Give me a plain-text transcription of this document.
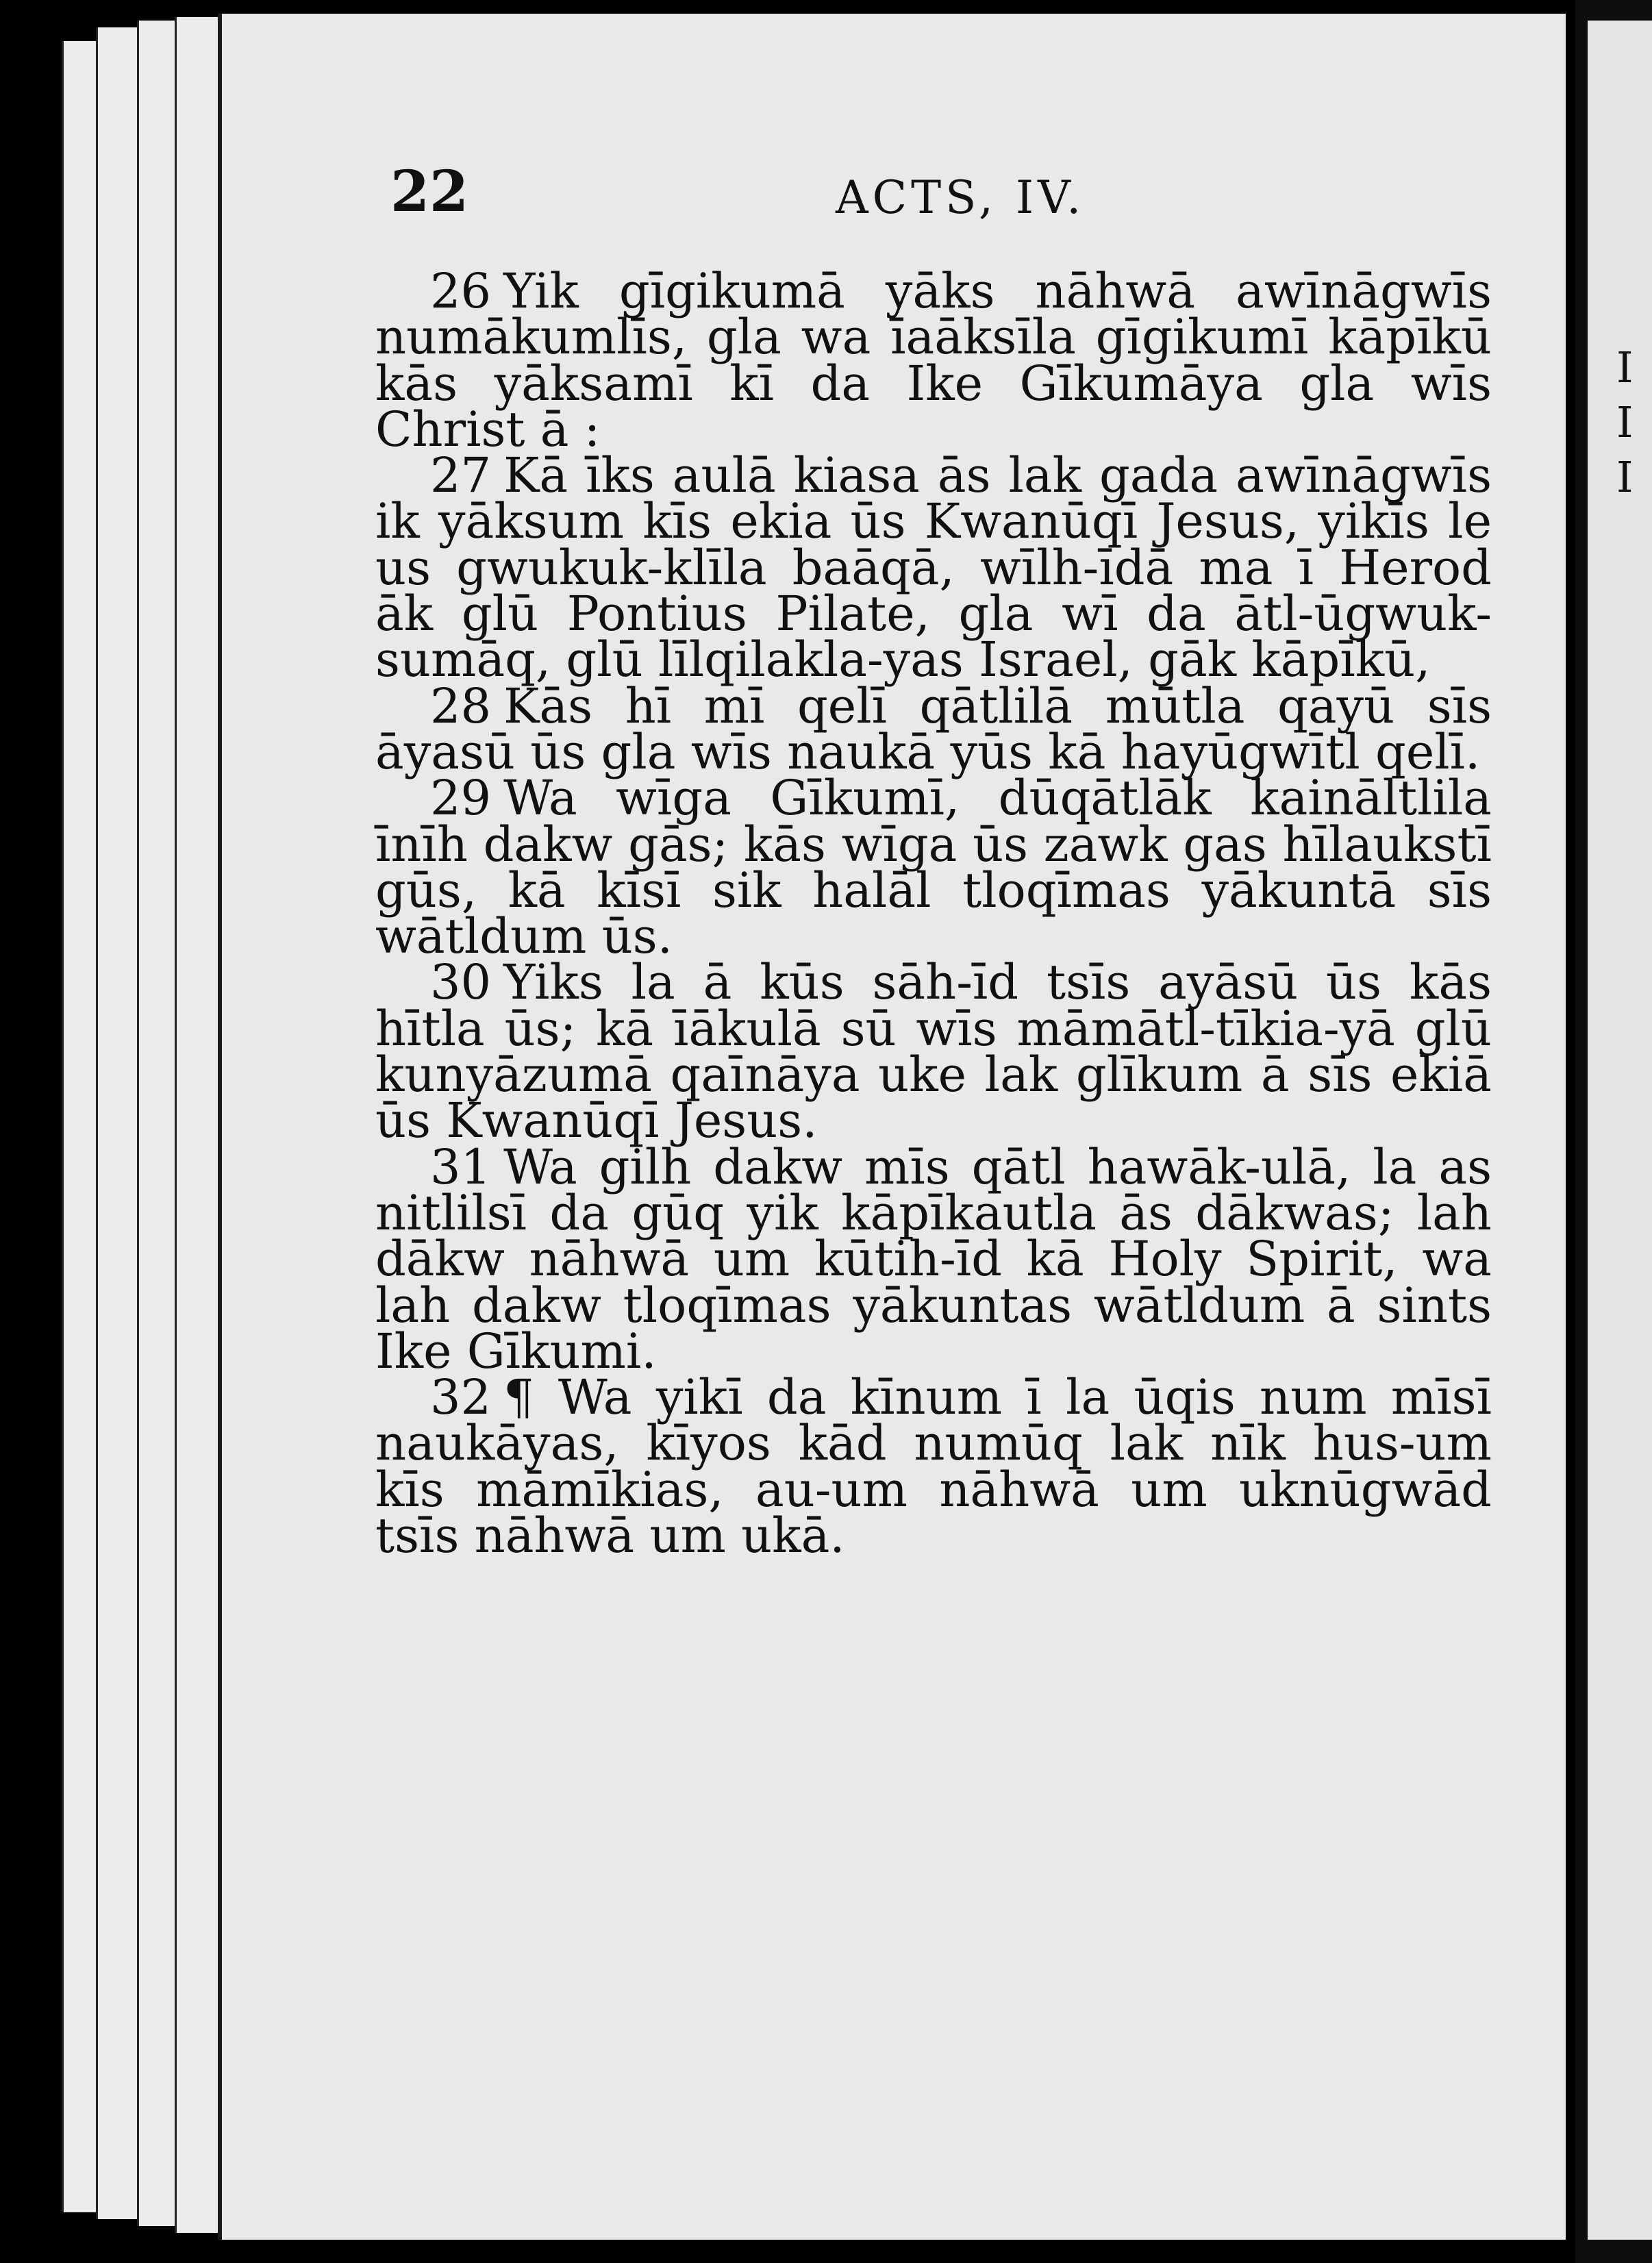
22	ACTS, IV.

26 Yik gīgikumā yāks nāhwā awīnāgwīs numākumlīs, gla wa īaāksīla gīgikumī kāpīkū kās yāksamī kī da Ike Gīkumāya gla wīs Christ ā :

27 Kā īks aulā kiasa ās lak gada awīnāgwīs ik yāksum kīs ekia ūs Kwanūqī Jesus, yikīs le us gwukuk-klīla baāqā, wīlh-īdā ma ī Herod āk glū Pontius Pilate, gla wī da ātl-ūgwuk-sumāq, glū līlqilakla-yas Israel, gāk kāpīkū,

28 Kās hī mī qelī qātlilā mūtla qayū sīs āyasū ūs gla wīs naukā yūs kā hayūgwītl qelī.

29 Wa wīga Gīkumī, dūqātlāk kaināltlila īnīh dakw gās; kās wīga ūs zawk gas hīlaukstī gūs, kā kīsī sik halāl tloqīmas yākuntā sīs wātldum ūs.

30 Yiks la ā kūs sāh-īd tsīs ayāsū ūs kās hītla ūs; kā īākulā sū wīs māmātl-tīkia-yā glū kunyāzumā qaīnāya uke lak glīkum ā sīs ekiā ūs Kwanūqī Jesus.

31 Wa gilh dakw mīs qātl hawāk-ulā, la as nitlilsī da gūq yik kāpīkautla ās dākwas; lah dākw nāhwā um kūtih-īd kā Holy Spirit, wa lah dakw tloqīmas yākuntas wātldum ā sints Ike Gīkumi.

32 ¶ Wa yikī da kīnum ī la ūqis num mīsī naukāyas, kīyos kād numūq lak nīk hus-um kīs māmīkias, au-um nāhwā um uknūgwād tsīs nāhwā um ukā.

I
I
I
